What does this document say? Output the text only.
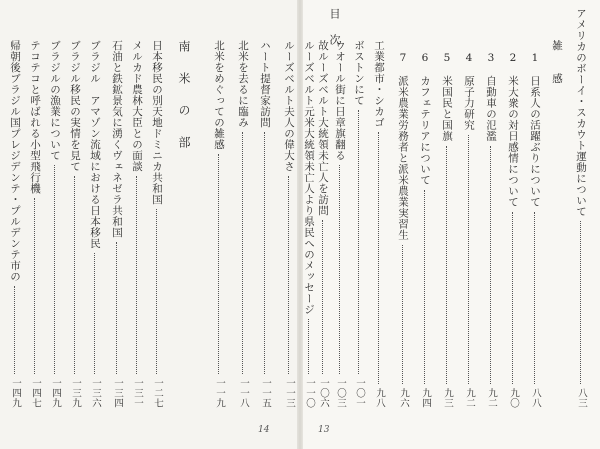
目　次	アメリカのボーイ・スカウト運動について
八三
雑　　感
1　日系人の活躍ぶりについて
八八
2　米大衆の対日感情について
九〇
3　自動車の氾濫
九二
4　原子力研究
九二
5　米国民と国旗
九三
6　カフェテリアについて
九四
7　派米農業労務者と派米農業実習生
九六
工業都市・シカゴ
九八
ボストンにて
一〇一
ウオール街に日章旗翻る
一〇三
故ルーズベルト大統領未亡人を訪問
一〇六
ルーズベルト元米大統領未亡人より県民へのメッセージ
一一〇
南　米　の　部	ルーズベルト夫人の偉大さ
一一三
ハート提督家訪問
一一五
北米を去るに臨み
一一八
北米をめぐっての雑感
一一九
日本移民の別天地ドミニカ共和国
一二七
メルカド農林大臣との面談
一三一
石油と鉄鉱景気に湧くヴェネゼラ共和国
一三四
ブラジル　アマゾン流域における日本移民
一三六
ブラジル移民の実情を見て
一三九
ブラジルの漁業について
一四九
テコテコと呼ばれる小型飛行機
一四七
帰朝後ブラジル国プレジデンテ・プルデンテ市の
一四九
14	13
